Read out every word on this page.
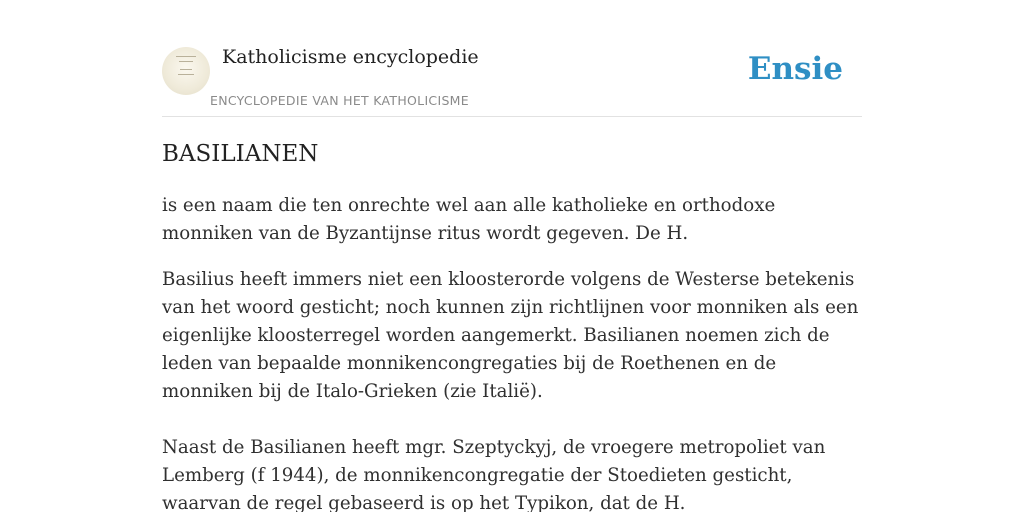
Katholicisme encyclopedie
ENCYCLOPEDIE VAN HET KATHOLICISME
Ensie
BASILIANEN

is een naam die ten onrechte wel aan alle katholieke en orthodoxe monniken van de Byzantijnse ritus wordt gegeven. De H.

Basilius heeft immers niet een kloosterorde volgens de Westerse betekenis van het woord gesticht; noch kunnen zijn richtlijnen voor monniken als een eigenlijke kloosterregel worden aangemerkt. Basilianen noemen zich de leden van bepaalde monnikencongregaties bij de Roethenen en de monniken bij de Italo-Grieken (zie Italië).

Naast de Basilianen heeft mgr. Szeptyckyj, de vroegere metropoliet van Lemberg (f 1944), de monnikencongregatie der Stoedieten gesticht, waarvan de regel gebaseerd is op het Typikon, dat de H.
